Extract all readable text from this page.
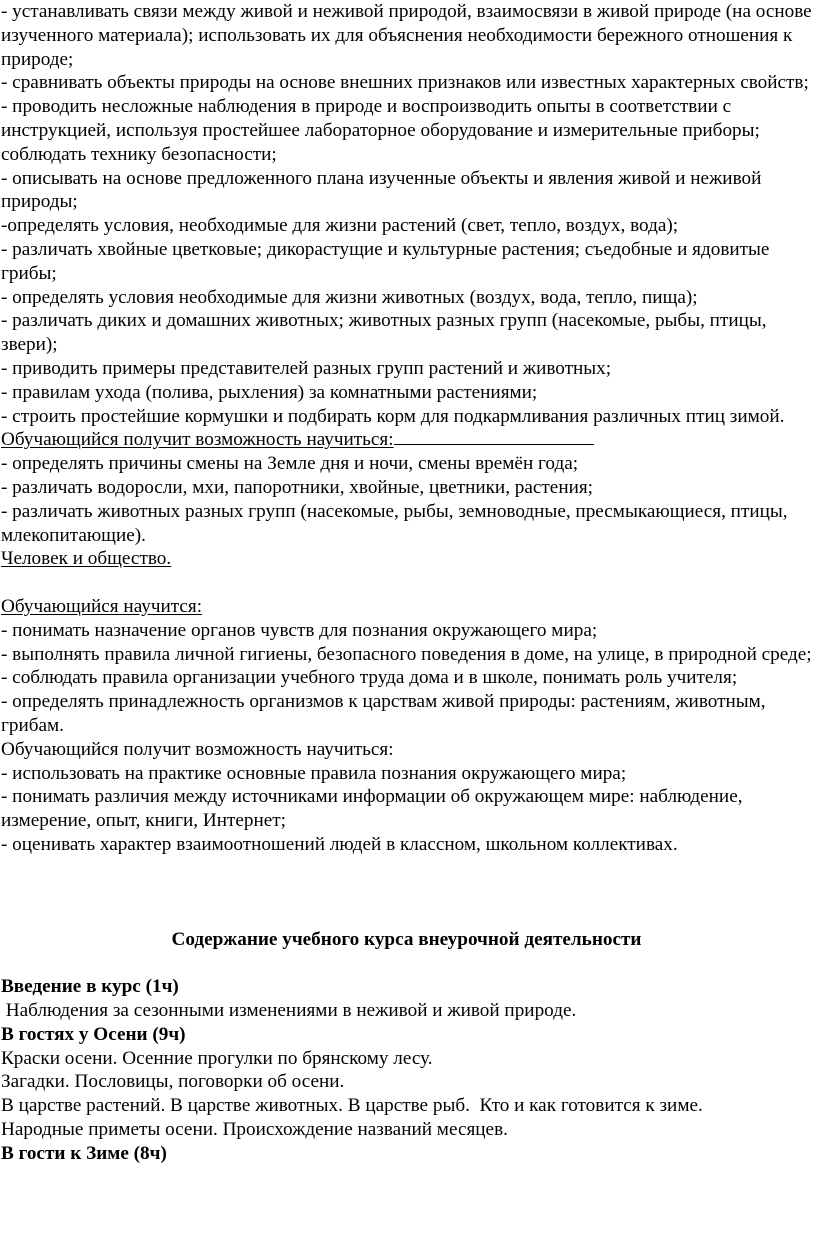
- устанавливать связи между живой и неживой природой, взаимосвязи в живой природе (на основе изученного материала); использовать их для объяснения необходимости бережного отношения к природе;

- сравнивать объекты природы на основе внешних признаков или известных характерных свойств;

- проводить несложные наблюдения в природе и воспроизводить опыты в соответствии с инструкцией, используя простейшее лабораторное оборудование и измерительные приборы; соблюдать технику безопасности;

- описывать на основе предложенного плана изученные объекты и явления живой и неживой природы;

-определять условия, необходимые для жизни растений (свет, тепло, воздух, вода);

- различать хвойные цветковые; дикорастущие и культурные растения; съедобные и ядовитые грибы;

- определять условия необходимые для жизни животных (воздух, вода, тепло, пища);

- различать диких и домашних животных; животных разных групп (насекомые, рыбы, птицы, звери);

- приводить примеры представителей разных групп растений и животных;

- правилам ухода (полива, рыхления) за комнатными растениями;

- строить простейшие кормушки и подбирать корм для подкармливания различных птиц зимой.

Обучающийся получит возможность научиться:

- определять причины смены на Земле дня и ночи, смены времён года;

- различать водоросли, мхи, папоротники, хвойные, цветники, растения;

- различать животных разных групп (насекомые, рыбы, земноводные, пресмыкающиеся, птицы, млекопитающие).

Человек и общество.

Обучающийся научится:

- понимать назначение органов чувств для познания окружающего мира;

- выполнять правила личной гигиены, безопасного поведения в доме, на улице, в природной среде;

- соблюдать правила организации учебного труда дома и в школе, понимать роль учителя;

- определять принадлежность организмов к царствам живой природы: растениям, животным, грибам.

Обучающийся получит возможность научиться:

- использовать на практике основные правила познания окружающего мира;

- понимать различия между источниками информации об окружающем мире: наблюдение, измерение, опыт, книги, Интернет;

- оценивать характер взаимоотношений людей в классном, школьном коллективах.

Содержание учебного курса внеурочной деятельности

Введение в курс (1ч)

Наблюдения за сезонными изменениями в неживой и живой природе.

В гостях у Осени (9ч)

Краски осени. Осенние прогулки по брянскому лесу.

Загадки. Пословицы, поговорки об осени.

В царстве растений. В царстве животных. В царстве рыб.  Кто и как готовится к зиме.

Народные приметы осени. Происхождение названий месяцев.

В гости к Зиме (8ч)
